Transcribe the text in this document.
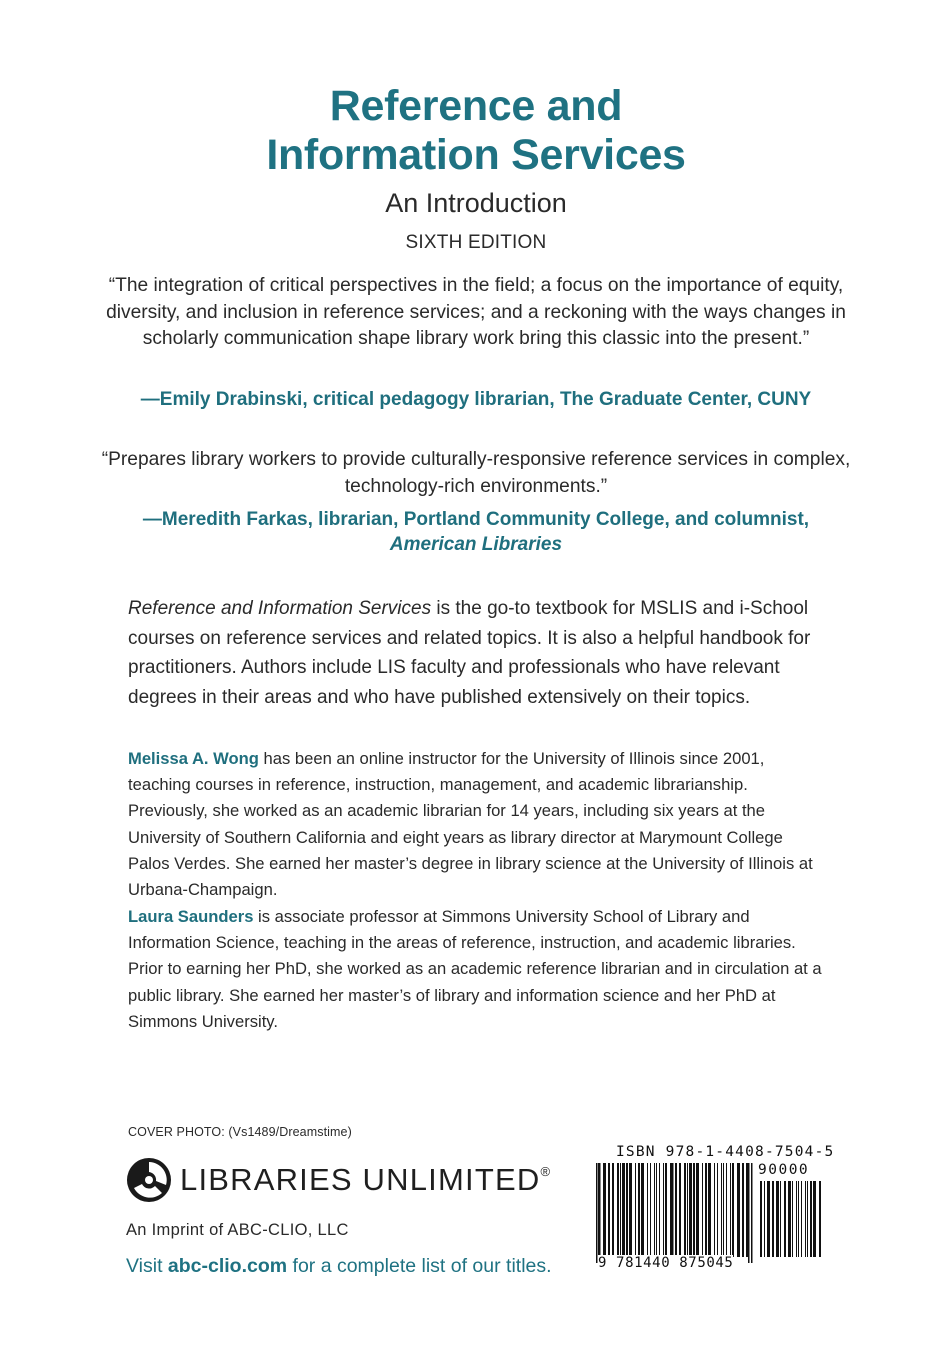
Reference and
Information Services
An Introduction
SIXTH EDITION
“The integration of critical perspectives in the field; a focus on the importance of equity, diversity, and inclusion in reference services; and a reckoning with the ways changes in scholarly communication shape library work bring this classic into the present.”
—Emily Drabinski, critical pedagogy librarian, The Graduate Center, CUNY
“Prepares library workers to provide culturally-responsive reference services in complex, technology-rich environments.”
—Meredith Farkas, librarian, Portland Community College, and columnist,
American Libraries
Reference and Information Services is the go-to textbook for MSLIS and i-School courses on reference services and related topics. It is also a helpful handbook for practitioners. Authors include LIS faculty and professionals who have relevant degrees in their areas and who have published extensively on their topics.
Melissa A. Wong has been an online instructor for the University of Illinois since 2001, teaching courses in reference, instruction, management, and academic librarianship. Previously, she worked as an academic librarian for 14 years, including six years at the University of Southern California and eight years as library director at Marymount College Palos Verdes. She earned her master’s degree in library science at the University of Illinois at Urbana-Champaign.
Laura Saunders is associate professor at Simmons University School of Library and Information Science, teaching in the areas of reference, instruction, and academic libraries. Prior to earning her PhD, she worked as an academic reference librarian and in circulation at a public library. She earned her master’s of library and information science and her PhD at Simmons University.
COVER PHOTO: (Vs1489/Dreamstime)
LIBRARIES UNLIMITED®
An Imprint of ABC-CLIO, LLC
Visit abc-clio.com for a complete list of our titles.
ISBN 978-1-4408-7504-5
90000
9 781440 875045
